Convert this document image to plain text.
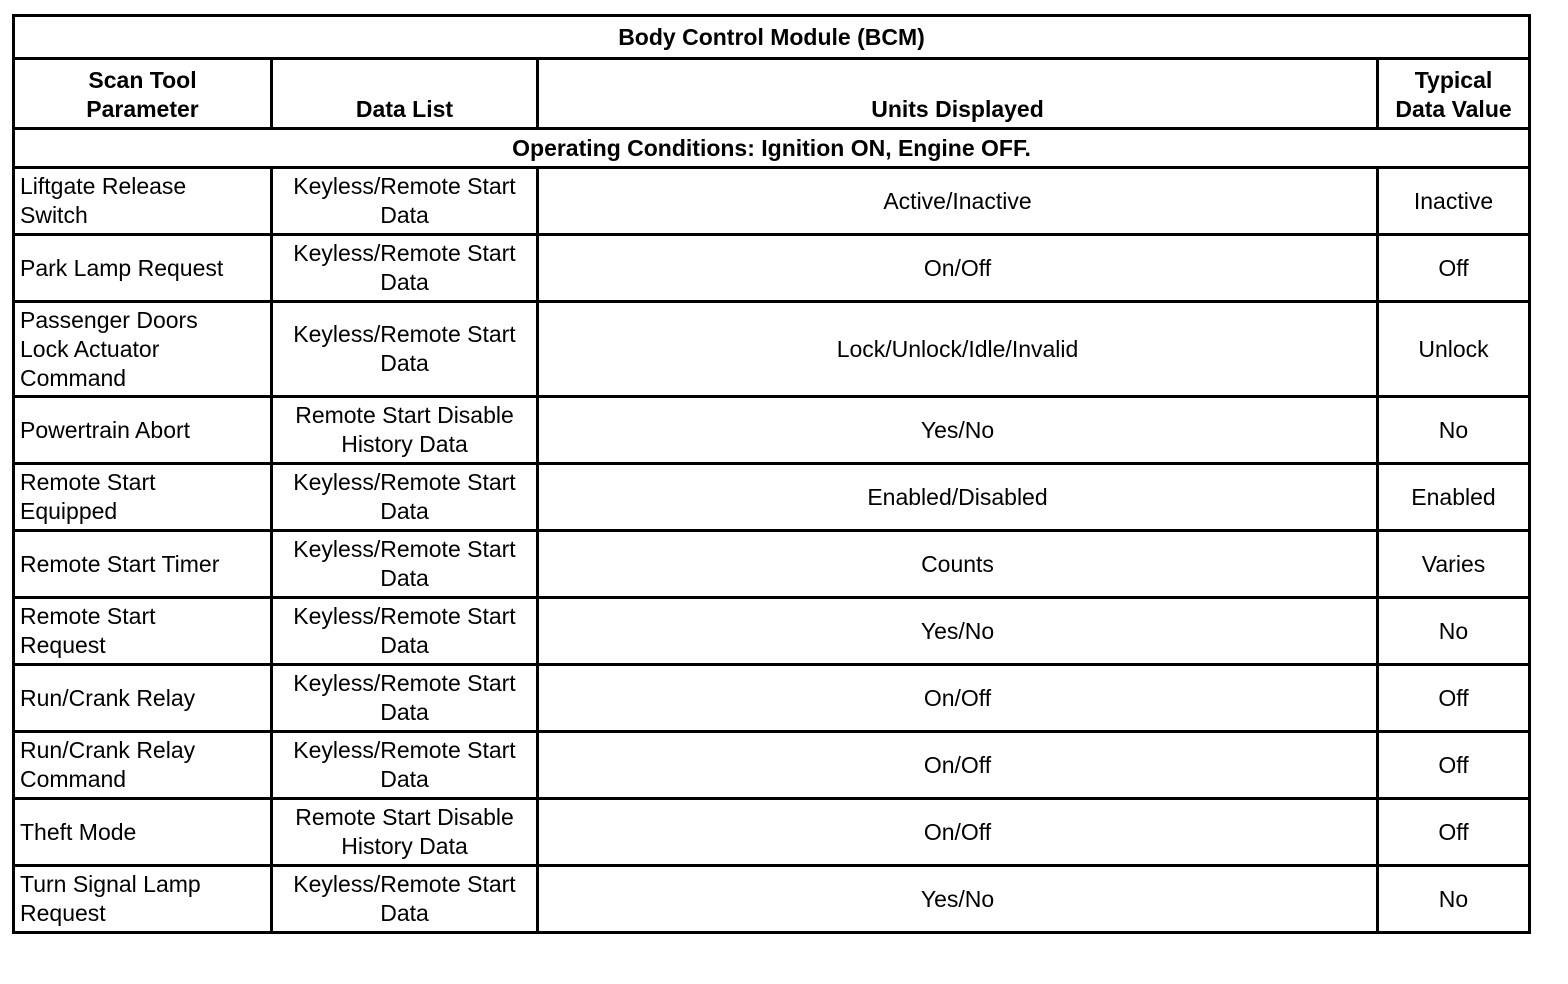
Body Control Module (BCM)			

Scan Tool
Parameter	Data List	Units Displayed	Typical
Data Value

Operating Conditions: Ignition ON, Engine OFF.			

Liftgate Release
Switch	Keyless/Remote Start
Data	Active/Inactive	Inactive

Park Lamp Request	Keyless/Remote Start
Data	On/Off	Off

Passenger Doors
Lock Actuator
Command	Keyless/Remote Start
Data	Lock/Unlock/Idle/Invalid	Unlock

Powertrain Abort	Remote Start Disable
History Data	Yes/No	No

Remote Start
Equipped	Keyless/Remote Start
Data	Enabled/Disabled	Enabled

Remote Start Timer	Keyless/Remote Start
Data	Counts	Varies

Remote Start
Request	Keyless/Remote Start
Data	Yes/No	No

Run/Crank Relay	Keyless/Remote Start
Data	On/Off	Off

Run/Crank Relay
Command	Keyless/Remote Start
Data	On/Off	Off

Theft Mode	Remote Start Disable
History Data	On/Off	Off

Turn Signal Lamp
Request	Keyless/Remote Start
Data	Yes/No	No
